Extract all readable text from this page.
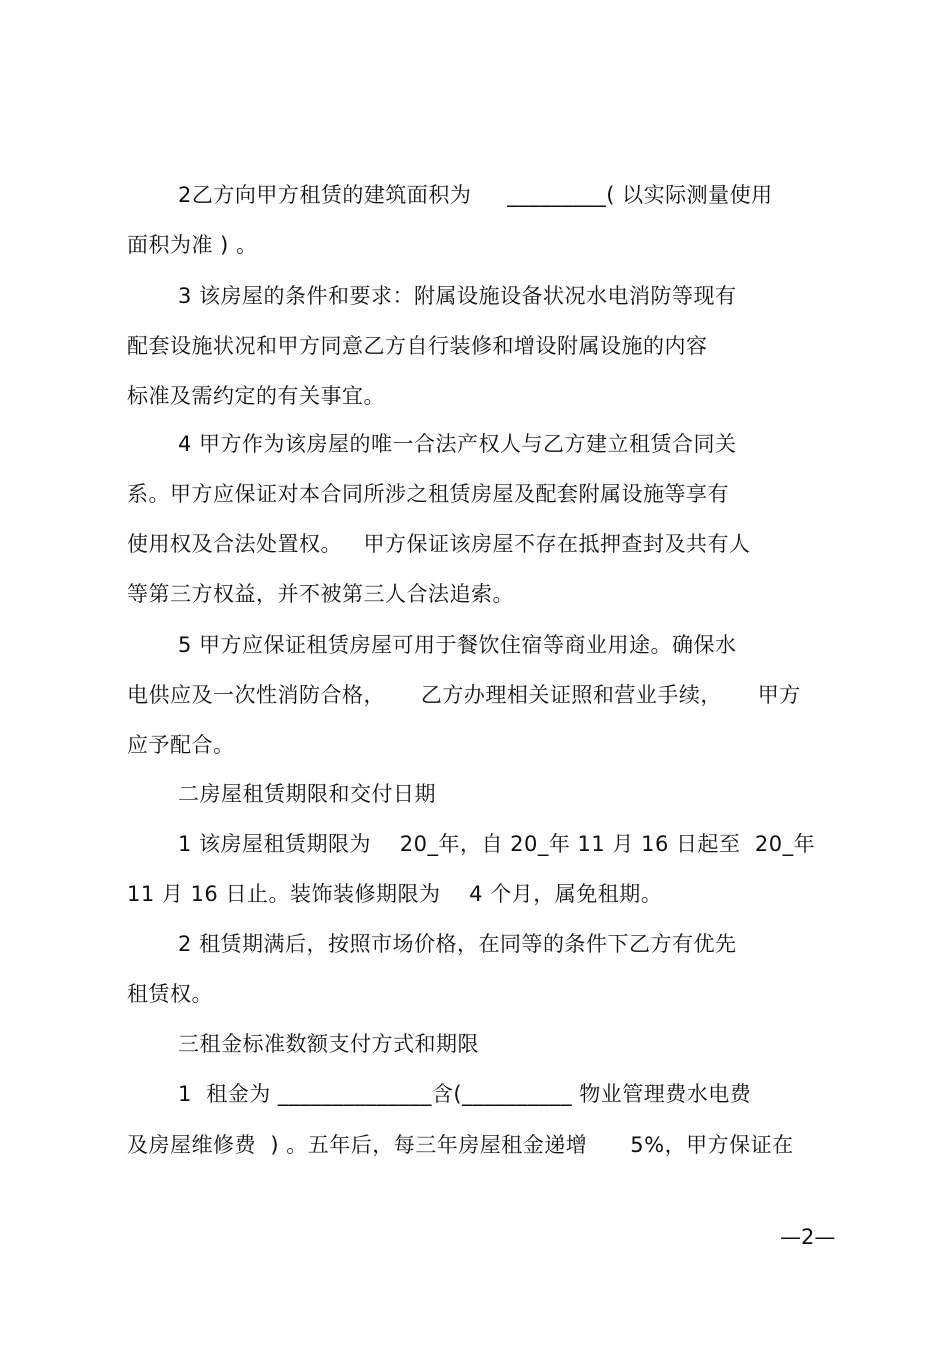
2乙方向甲方租赁的建筑面积为     _________( 以实际测量使用
面积为准 ) 。
3 该房屋的条件和要求：附属设施设备状况水电消防等现有
配套设施状况和甲方同意乙方自行装修和增设附属设施的内容
标准及需约定的有关事宜。
4 甲方作为该房屋的唯一合法产权人与乙方建立租赁合同关
系。甲方应保证对本合同所涉之租赁房屋及配套附属设施等享有
使用权及合法处置权。   甲方保证该房屋不存在抵押查封及共有人
等第三方权益，并不被第三人合法追索。
5 甲方应保证租赁房屋可用于餐饮住宿等商业用途。确保水
电供应及一次性消防合格，     乙方办理相关证照和营业手续，     甲方
应予配合。
二房屋租赁期限和交付日期
1 该房屋租赁期限为    20_年，自 20_年 11 月 16 日起至  20_年
11 月 16 日止。装饰装修期限为    4 个月，属免租期。
2 租赁期满后，按照市场价格，在同等的条件下乙方有优先
租赁权。
三租金标准数额支付方式和期限
1  租金为 ______________含(__________ 物业管理费水电费
及房屋维修费  ) 。五年后，每三年房屋租金递增      5%，甲方保证在
—2—
